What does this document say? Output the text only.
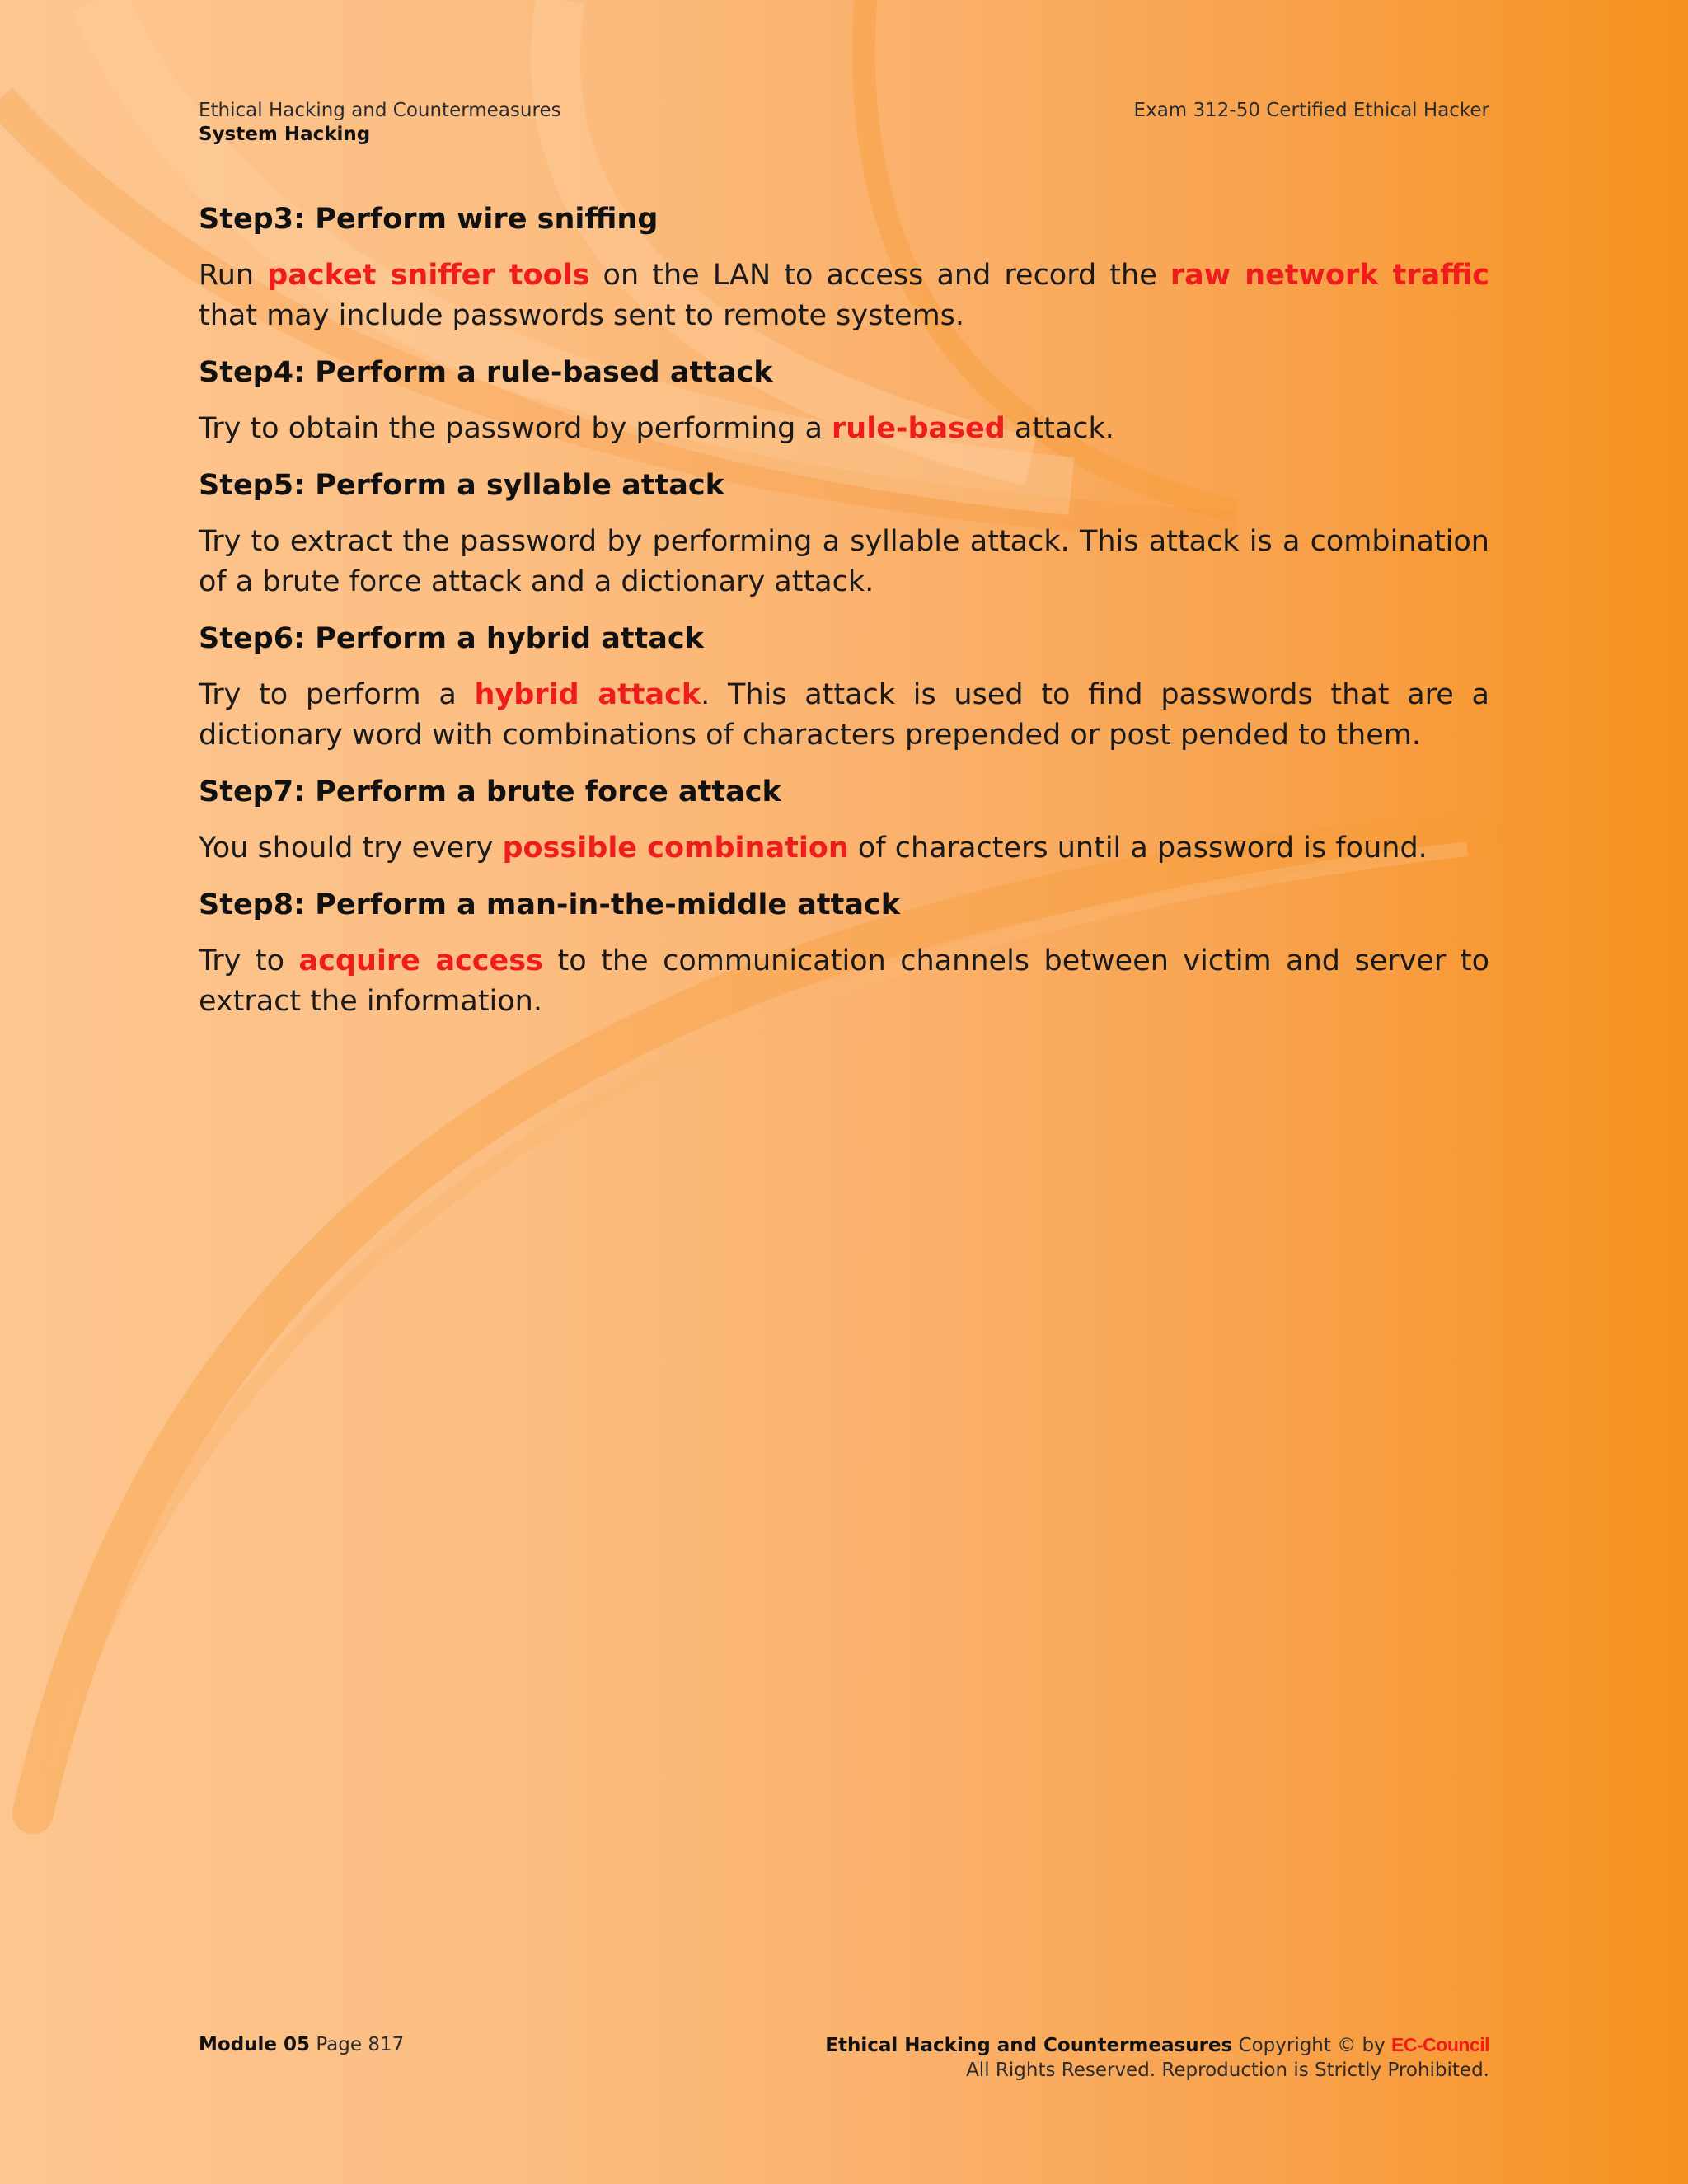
Ethical Hacking and Countermeasures
System Hacking
Exam 312-50 Certified Ethical Hacker
Step3: Perform wire sniffing

Run packet sniffer tools on the LAN to access and record the raw network traffic that may include passwords sent to remote systems.

Step4: Perform a rule-based attack

Try to obtain the password by performing a rule-based attack.

Step5: Perform a syllable attack

Try to extract the password by performing a syllable attack. This attack is a combination of a brute force attack and a dictionary attack.

Step6: Perform a hybrid attack

Try to perform a hybrid attack. This attack is used to find passwords that are a dictionary word with combinations of characters prepended or post pended to them.

Step7: Perform a brute force attack

You should try every possible combination of characters until a password is found.

Step8: Perform a man-in-the-middle attack

Try to acquire access to the communication channels between victim and server to extract the information.

Module 05 Page 817	Ethical Hacking and Countermeasures Copyright © by EC-Council
All Rights Reserved. Reproduction is Strictly Prohibited.
